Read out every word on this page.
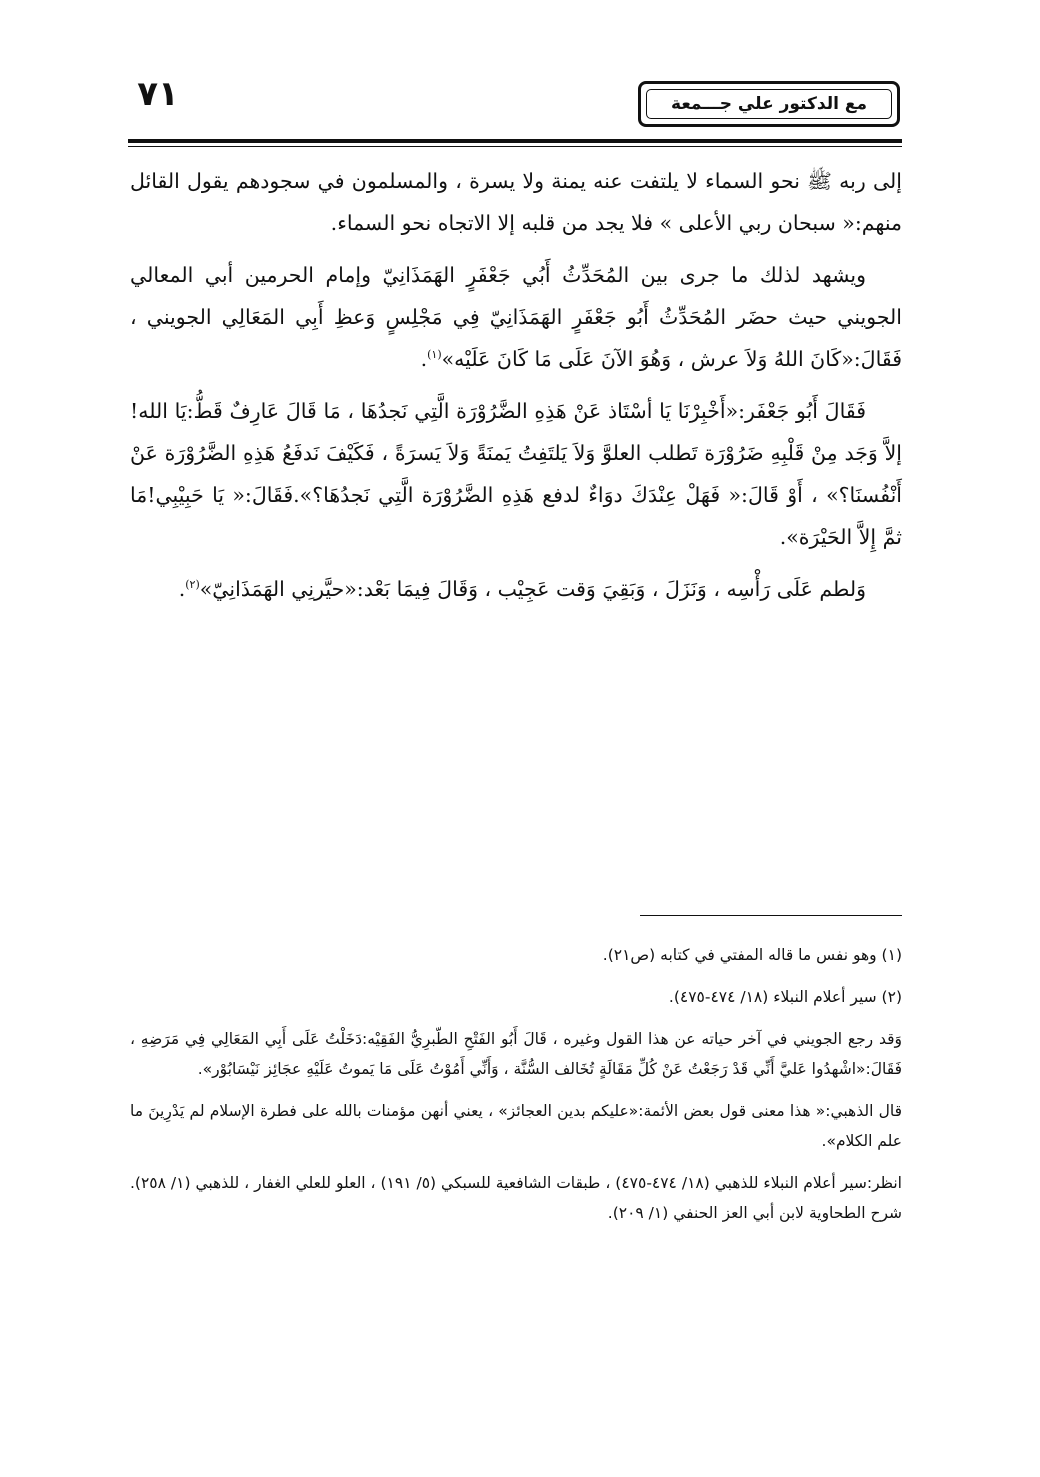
مع الدكتور علي جـــمعة
٧١

إلى ربه ﷺ نحو السماء لا يلتفت عنه يمنة ولا يسرة ، والمسلمون في سجودهم يقول القائل منهم:« سبحان ربي الأعلى » فلا يجد من قلبه إلا الاتجاه نحو السماء.

ويشهد لذلك ما جرى بين المُحَدِّثُ أَبُي جَعْفَرٍ الهَمَذَانِيّ وإمام الحرمين أبي المعالي الجويني حيث حضَر المُحَدِّثُ أَبُو جَعْفَرٍ الهَمَذَانِيّ فِي مَجْلِسٍ وَعظِ أَبِي المَعَالِي الجويني ، فَقَالَ:«كَانَ اللهُ وَلاَ عرش ، وَهُوَ الآنَ عَلَى مَا كَانَ عَلَيْه»$^{(١)}$.

فَقَالَ أَبُو جَعْفَر:«أَخْبِرْنَا يَا أسْتَاذ عَنْ هَذِهِ الضَّرُوْرَة الَّتِي نَجدُهَا ، مَا قَالَ عَارِفٌ قَطُّ:يَا الله!إلاَّ وَجَد مِنْ قَلْبِهِ ضَرُوْرَة تَطلب العلوَّ وَلاَ يَلتَفِتُ يَمنَةً وَلاَ يَسرَةً ، فَكَيْفَ نَدفَعُ هَذِهِ الضَّرُوْرَة عَنْ أَنْفُسنَا؟» ، أَوْ قَالَ:« فَهَلْ عِنْدَكَ دوَاءٌ لدفع هَذِهِ الضَّرُوْرَة الَّتِي نَجدُهَا؟».فَقَالَ:« يَا حَبِيْبِي!مَا ثمَّ إِلاَّ الحَيْرَة».

وَلطم عَلَى رَأْسِه ، وَنَزَلَ ، وَبَقِيَ وَقت عَجِيْب ، وَقَالَ فِيمَا بَعْد:«حيَّرنِي الهَمَذَانِيّ»$^{(٢)}$.

(١) وهو نفس ما قاله المفتي في كتابه (ص٢١).

(٢) سير أعلام النبلاء (١٨/ ٤٧٤-٤٧٥).

وَقد رجع الجويني في آخر حياته عن هذا القول وغيره ، قَالَ أَبُو الفَتْحِ الطّبرِيُّ الفَقِيْه:دَخَلْتُ عَلَى أَبِي المَعَالِي فِي مَرَضِهِ ، فَقَالَ:«اشْهدُوا عَليَّ أَنِّي قَدْ رَجَعْتُ عَنْ كُلِّ مَقَالَةٍ تُخَالف السُّنَّة ، وَأَنِّي أَمُوْتُ عَلَى مَا يَموتُ عَلَيْهِ عجَائِز نَيْسَابُوْر».

قال الذهبي:« هذا معنى قول بعض الأئمة:«عليكم بدين العجائز» ، يعني أنهن مؤمنات بالله على فطرة الإسلام لم يَدْرِينَ ما علم الكلام».

انظر:سير أعلام النبلاء للذهبي (١٨/ ٤٧٤-٤٧٥) ، طبقات الشافعية للسبكي (٥/ ١٩١) ، العلو للعلي الغفار ، للذهبي (١/ ٢٥٨). شرح الطحاوية لابن أبي العز الحنفي (١/ ٢٠٩).
